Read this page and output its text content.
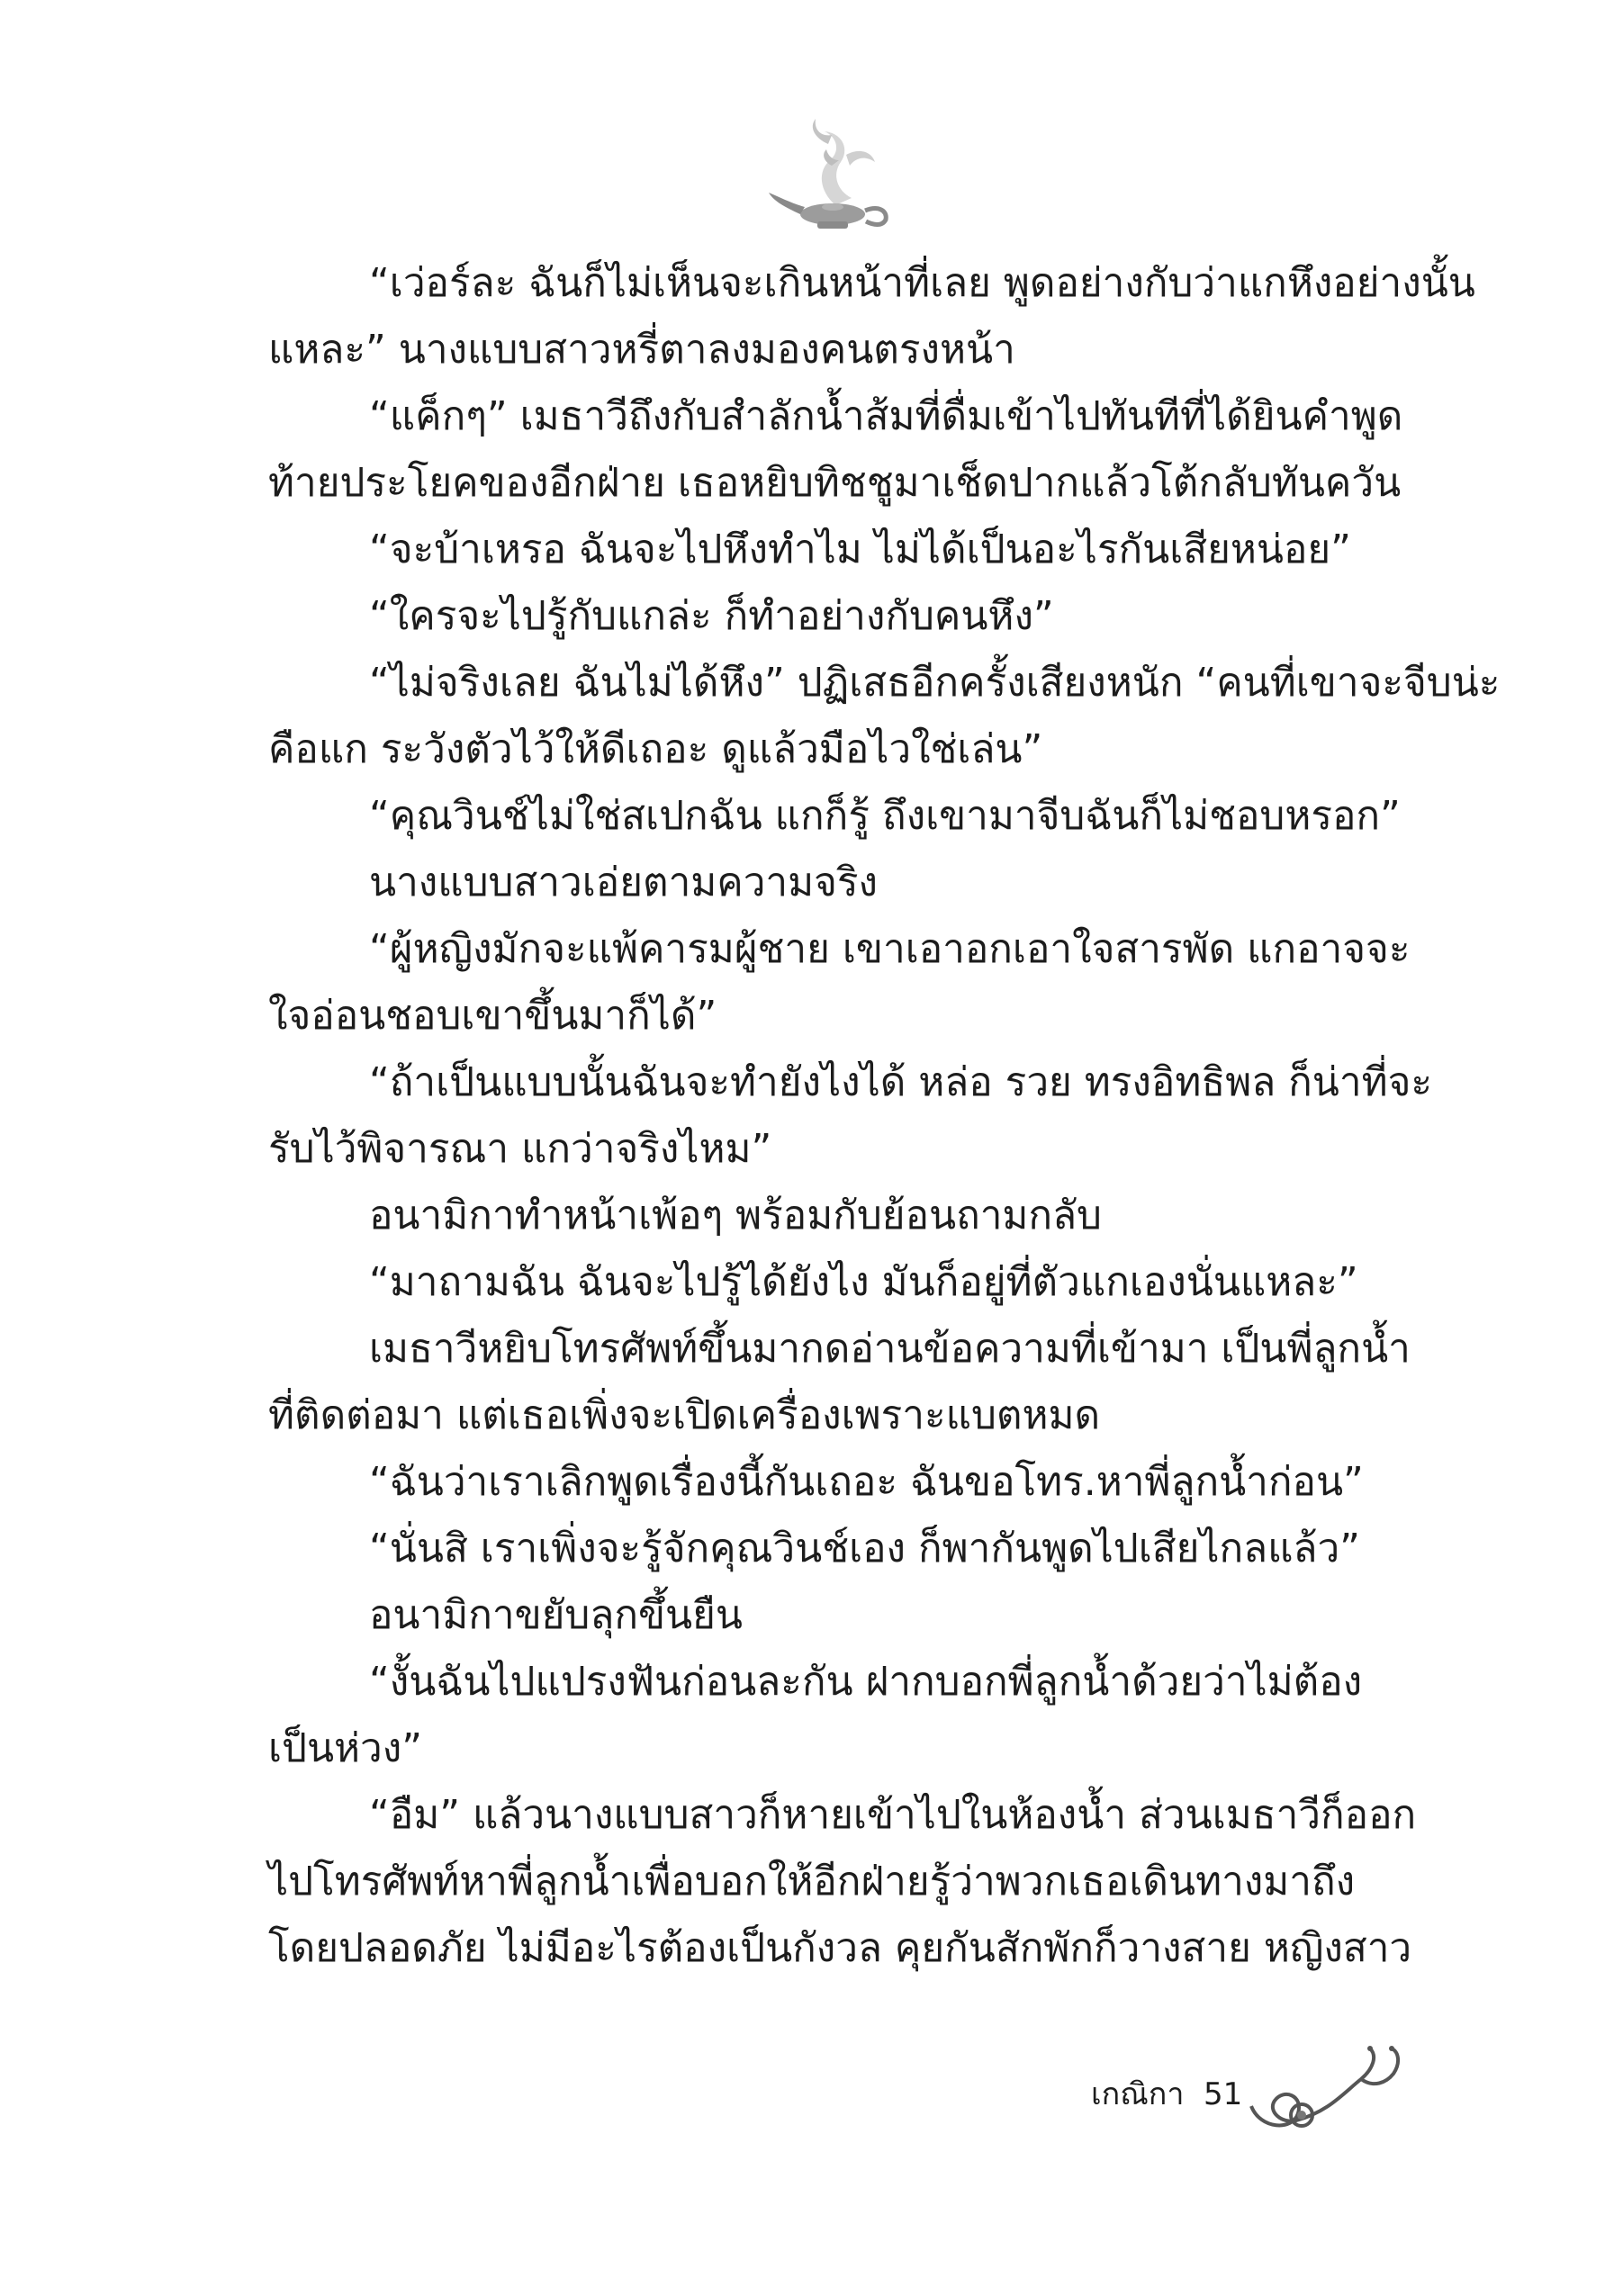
“เว่อร์ละ ฉันก็ไม่เห็นจะเกินหน้าที่เลย พูดอย่างกับว่าแกหึงอย่างนั้น
แหละ” นางแบบสาวหรี่ตาลงมองคนตรงหน้า
“แค็กๆ” เมธาวีถึงกับสำลักน้ำส้มที่ดื่มเข้าไปทันทีที่ได้ยินคำพูด
ท้ายประโยคของอีกฝ่าย เธอหยิบทิชชูมาเช็ดปากแล้วโต้กลับทันควัน
“จะบ้าเหรอ ฉันจะไปหึงทำไม ไม่ได้เป็นอะไรกันเสียหน่อย”
“ใครจะไปรู้กับแกล่ะ ก็ทำอย่างกับคนหึง”
“ไม่จริงเลย ฉันไม่ได้หึง” ปฏิเสธอีกครั้งเสียงหนัก “คนที่เขาจะจีบน่ะ
คือแก ระวังตัวไว้ให้ดีเถอะ ดูแล้วมือไวใช่เล่น”
“คุณวินช์ไม่ใช่สเปกฉัน แกก็รู้ ถึงเขามาจีบฉันก็ไม่ชอบหรอก”
นางแบบสาวเอ่ยตามความจริง
“ผู้หญิงมักจะแพ้คารมผู้ชาย เขาเอาอกเอาใจสารพัด แกอาจจะ
ใจอ่อนชอบเขาขึ้นมาก็ได้”
“ถ้าเป็นแบบนั้นฉันจะทำยังไงได้ หล่อ รวย ทรงอิทธิพล ก็น่าที่จะ
รับไว้พิจารณา แกว่าจริงไหม”
อนามิกาทำหน้าเพ้อๆ พร้อมกับย้อนถามกลับ
“มาถามฉัน ฉันจะไปรู้ได้ยังไง มันก็อยู่ที่ตัวแกเองนั่นแหละ”
เมธาวีหยิบโทรศัพท์ขึ้นมากดอ่านข้อความที่เข้ามา เป็นพี่ลูกน้ำ
ที่ติดต่อมา แต่เธอเพิ่งจะเปิดเครื่องเพราะแบตหมด
“ฉันว่าเราเลิกพูดเรื่องนี้กันเถอะ ฉันขอโทร.หาพี่ลูกน้ำก่อน”
“นั่นสิ เราเพิ่งจะรู้จักคุณวินช์เอง ก็พากันพูดไปเสียไกลแล้ว”
อนามิกาขยับลุกขึ้นยืน
“งั้นฉันไปแปรงฟันก่อนละกัน ฝากบอกพี่ลูกน้ำด้วยว่าไม่ต้อง
เป็นห่วง”
“อืม” แล้วนางแบบสาวก็หายเข้าไปในห้องน้ำ ส่วนเมธาวีก็ออก
ไปโทรศัพท์หาพี่ลูกน้ำเพื่อบอกให้อีกฝ่ายรู้ว่าพวกเธอเดินทางมาถึง
โดยปลอดภัย ไม่มีอะไรต้องเป็นกังวล คุยกันสักพักก็วางสาย หญิงสาว
เกณิกา 51
